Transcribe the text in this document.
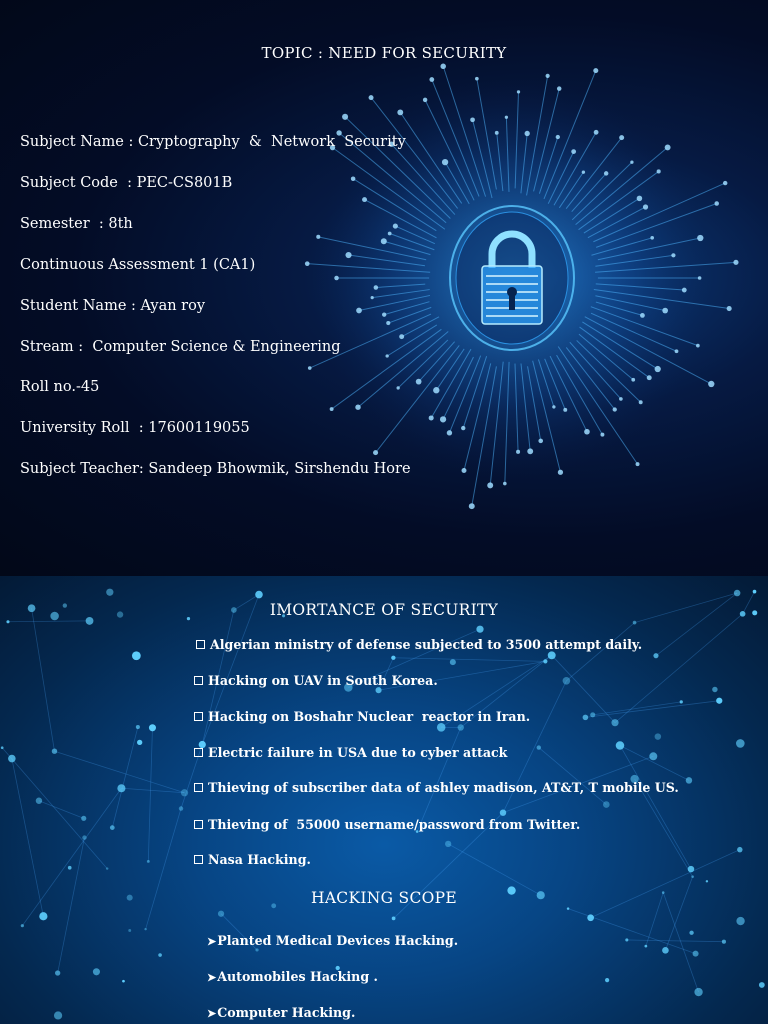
TOPIC : NEED FOR SECURITY
Subject Name : Cryptography  &  Network  Security
Subject Code  : PEC-CS801B
Semester  : 8th
Continuous Assessment 1 (CA1)
Student Name : Ayan roy
Stream :  Computer Science & Engineering
Roll no.-45
University Roll  : 17600119055
Subject Teacher: Sandeep Bhowmik, Sirshendu Hore
IMORTANCE OF SECURITY
Algerian ministry of defense subjected to 3500 attempt daily.
Hacking on UAV in South Korea.
Hacking on Boshahr Nuclear  reactor in Iran.
Electric failure in USA due to cyber attack
Thieving of subscriber data of ashley madison, AT&T, T mobile US.
Thieving of  55000 username/password from Twitter.
Nasa Hacking.
HACKING SCOPE
➤Planted Medical Devices Hacking.
➤Automobiles Hacking .
➤Computer Hacking.
